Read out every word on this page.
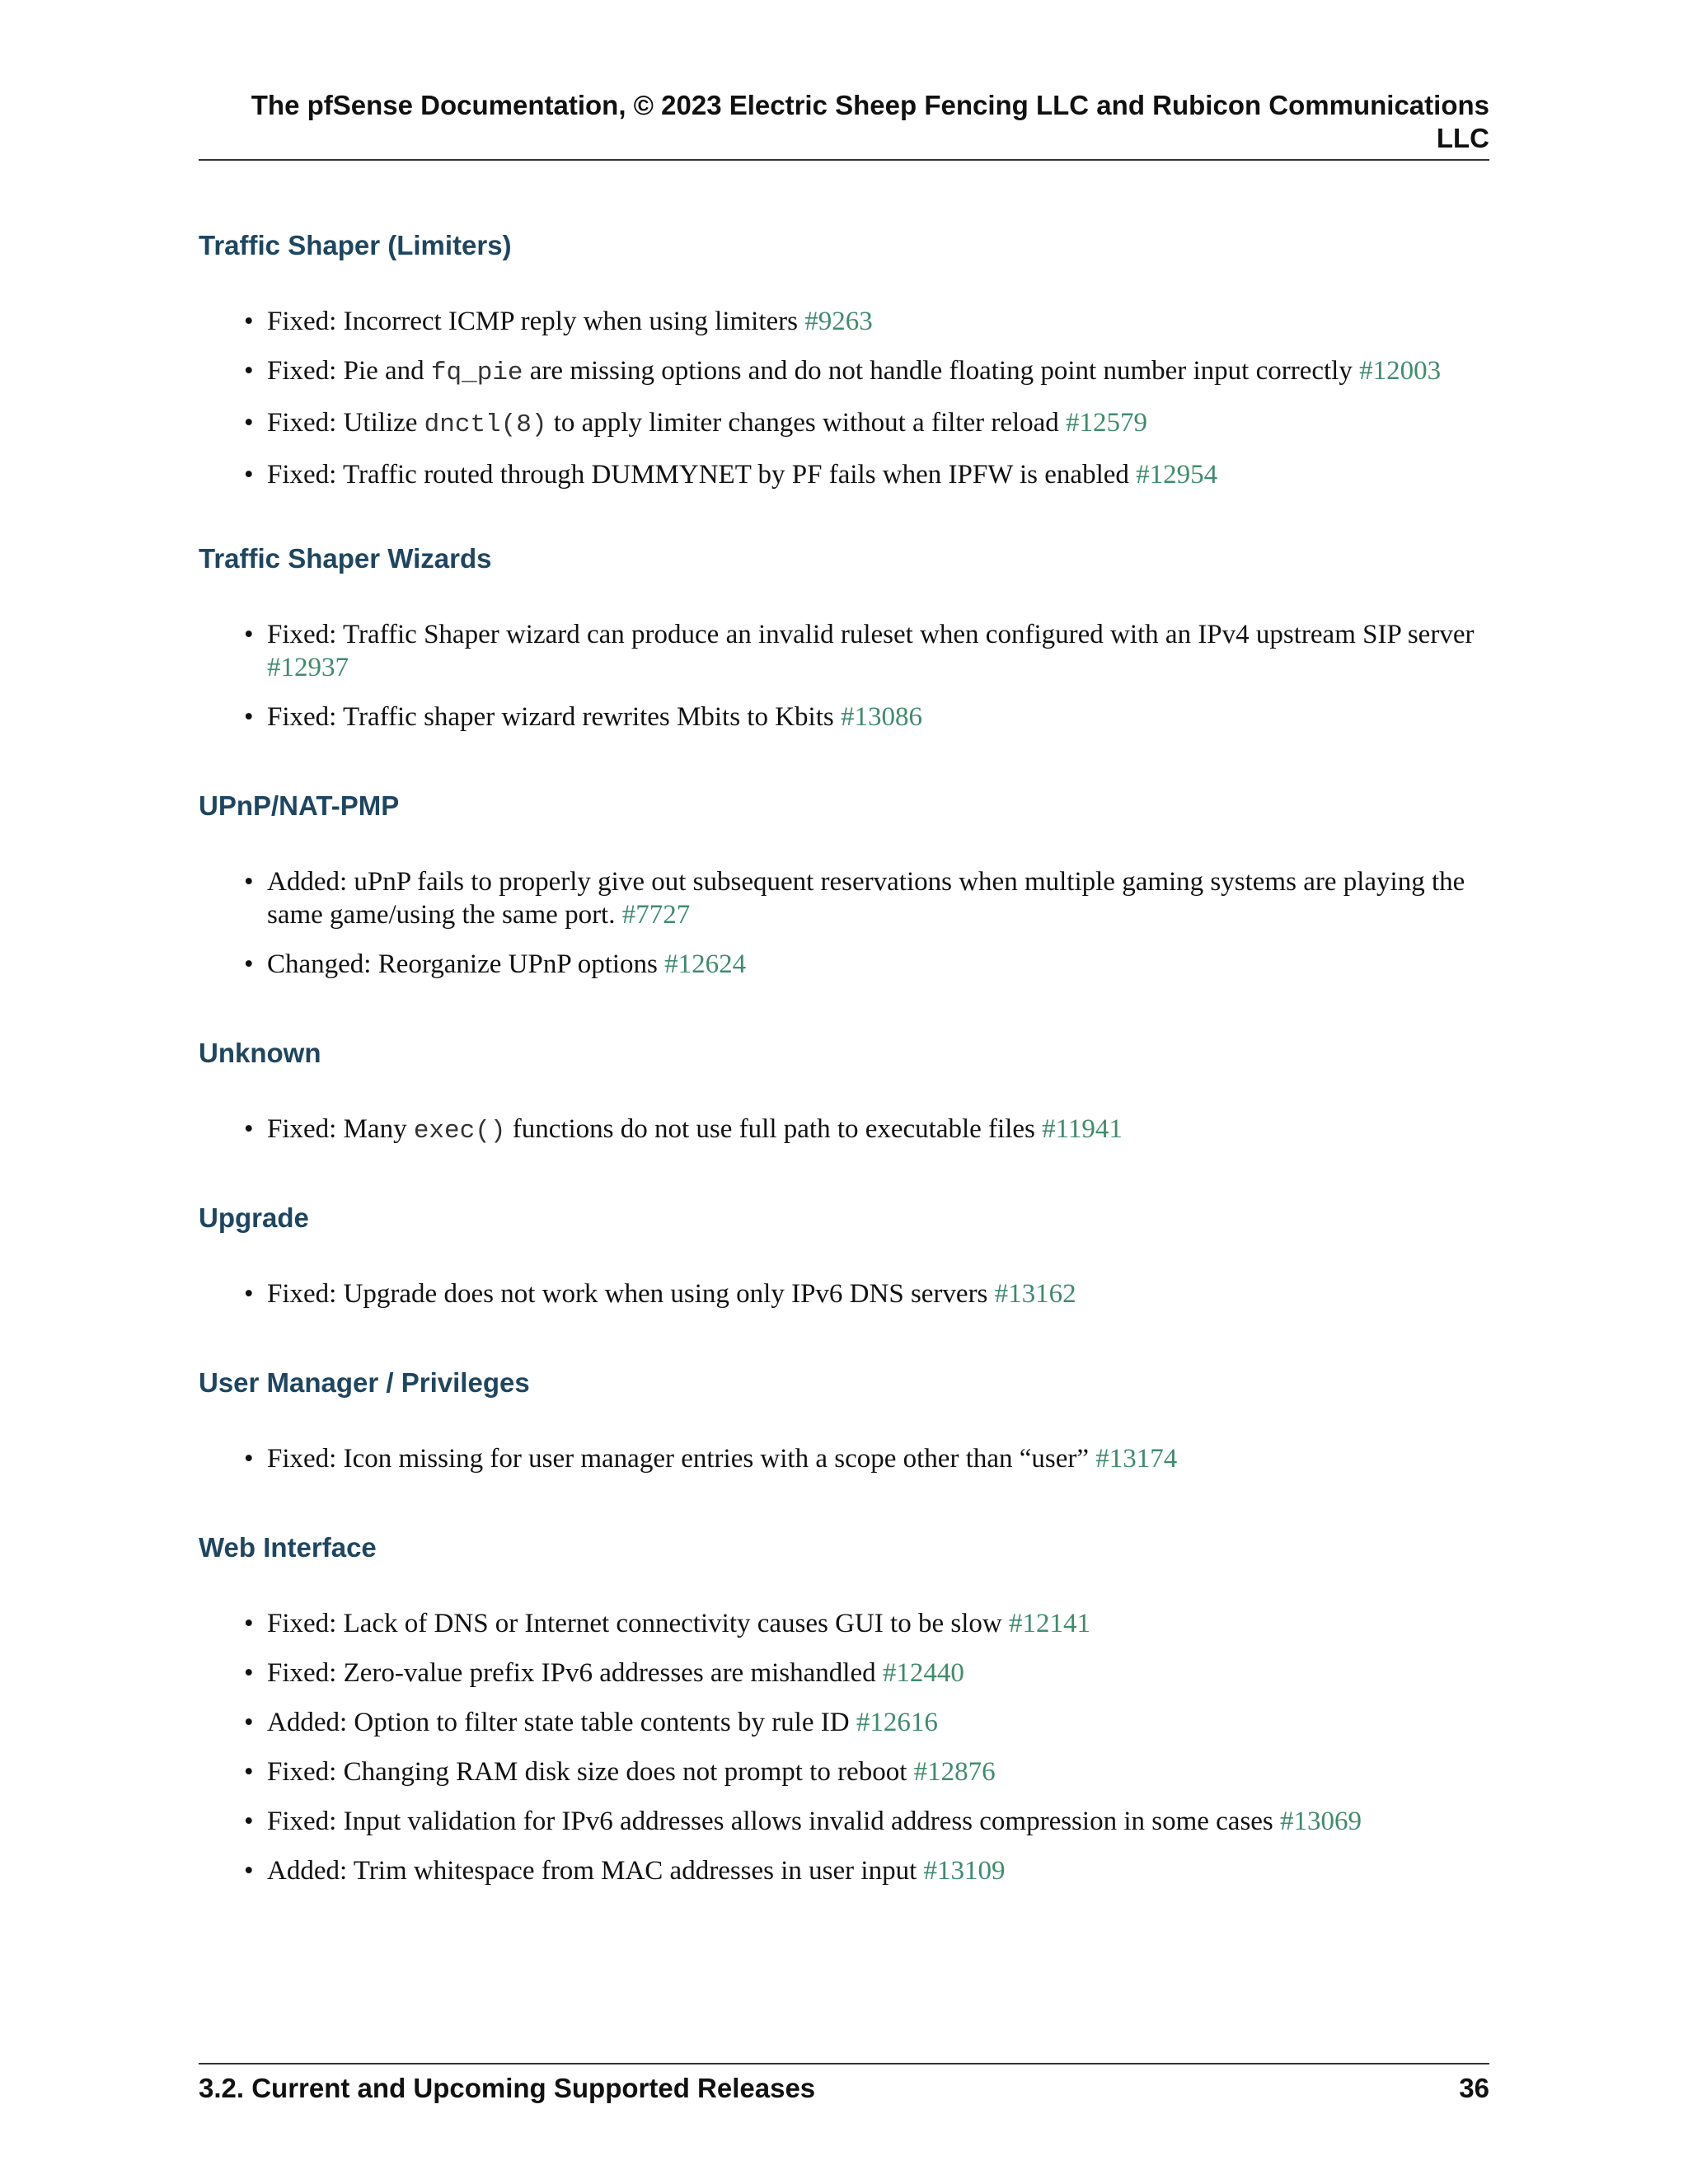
The pfSense Documentation, © 2023 Electric Sheep Fencing LLC and Rubicon Communications
LLC
Traffic Shaper (Limiters)
• Fixed: Incorrect ICMP reply when using limiters #9263
• Fixed: Pie and fq_pie are missing options and do not handle floating point number input correctly #12003
• Fixed: Utilize dnctl(8) to apply limiter changes without a filter reload #12579
• Fixed: Traffic routed through DUMMYNET by PF fails when IPFW is enabled #12954
Traffic Shaper Wizards
• Fixed: Traffic Shaper wizard can produce an invalid ruleset when configured with an IPv4 upstream SIP server #12937
• Fixed: Traffic shaper wizard rewrites Mbits to Kbits #13086
UPnP/NAT-PMP
• Added: uPnP fails to properly give out subsequent reservations when multiple gaming systems are playing the same game/using the same port. #7727
• Changed: Reorganize UPnP options #12624
Unknown
• Fixed: Many exec() functions do not use full path to executable files #11941
Upgrade
• Fixed: Upgrade does not work when using only IPv6 DNS servers #13162
User Manager / Privileges
• Fixed: Icon missing for user manager entries with a scope other than “user” #13174
Web Interface
• Fixed: Lack of DNS or Internet connectivity causes GUI to be slow #12141
• Fixed: Zero-value prefix IPv6 addresses are mishandled #12440
• Added: Option to filter state table contents by rule ID #12616
• Fixed: Changing RAM disk size does not prompt to reboot #12876
• Fixed: Input validation for IPv6 addresses allows invalid address compression in some cases #13069
• Added: Trim whitespace from MAC addresses in user input #13109
3.2. Current and Upcoming Supported Releases	36
